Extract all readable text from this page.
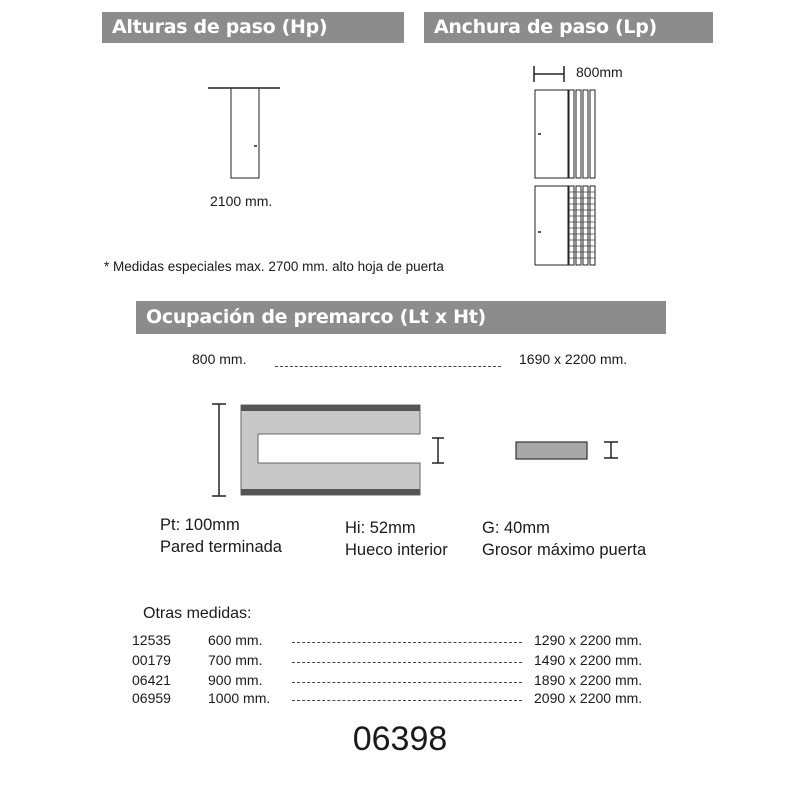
Alturas de paso (Hp)	Anchura de paso (Lp)
2100 mm.
800mm
* Medidas especiales max. 2700 mm. alto hoja de puerta
Ocupación de premarco (Lt x Ht)
800 mm.	1690 x 2200 mm.
Pt: 100mm
Pared terminada
Hi: 52mm
Hueco interior
G: 40mm
Grosor máximo puerta
Otras medidas:
12535	600 mm.	1290 x 2200 mm.
00179	700 mm.	1490 x 2200 mm.
06421	900 mm.	1890 x 2200 mm.
06959	1000 mm.	2090 x 2200 mm.
06398
